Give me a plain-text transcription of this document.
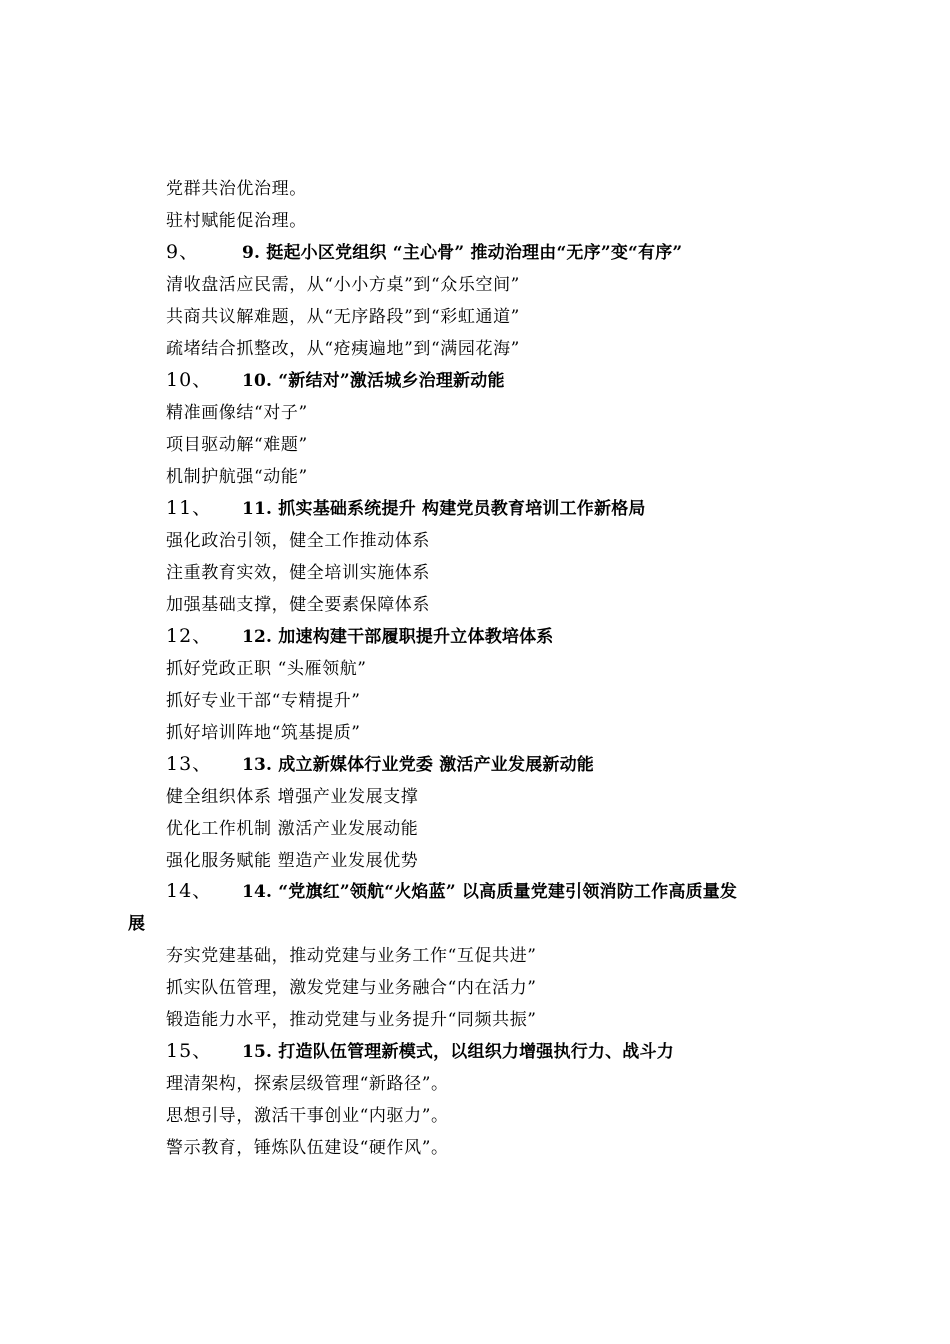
党群共治优治理。
驻村赋能促治理。
9、	9. 挺起小区党组织 “主心骨” 推动治理由“无序”变“有序”
清收盘活应民需，从“小小方桌”到“众乐空间”
共商共议解难题，从“无序路段”到“彩虹通道”
疏堵结合抓整改，从“疮痍遍地”到“满园花海”
10、 10. “新结对”激活城乡治理新动能
精准画像结“对子”
项目驱动解“难题”
机制护航强“动能”
11、 11. 抓实基础系统提升 构建党员教育培训工作新格局
强化政治引领，健全工作推动体系
注重教育实效，健全培训实施体系
加强基础支撑，健全要素保障体系
12、 12. 加速构建干部履职提升立体教培体系
抓好党政正职 “头雁领航”
抓好专业干部“专精提升”
抓好培训阵地“筑基提质”
13、 13. 成立新媒体行业党委 激活产业发展新动能
健全组织体系 增强产业发展支撑
优化工作机制 激活产业发展动能
强化服务赋能 塑造产业发展优势
14、 14. “党旗红”领航“火焰蓝” 以高质量党建引领消防工作高质量发
展
夯实党建基础，推动党建与业务工作“互促共进”
抓实队伍管理，激发党建与业务融合“内在活力”
锻造能力水平，推动党建与业务提升“同频共振”
15、 15. 打造队伍管理新模式，以组织力增强执行力、战斗力
理清架构，探索层级管理“新路径”。
思想引导，激活干事创业“内驱力”。
警示教育，锤炼队伍建设“硬作风”。
